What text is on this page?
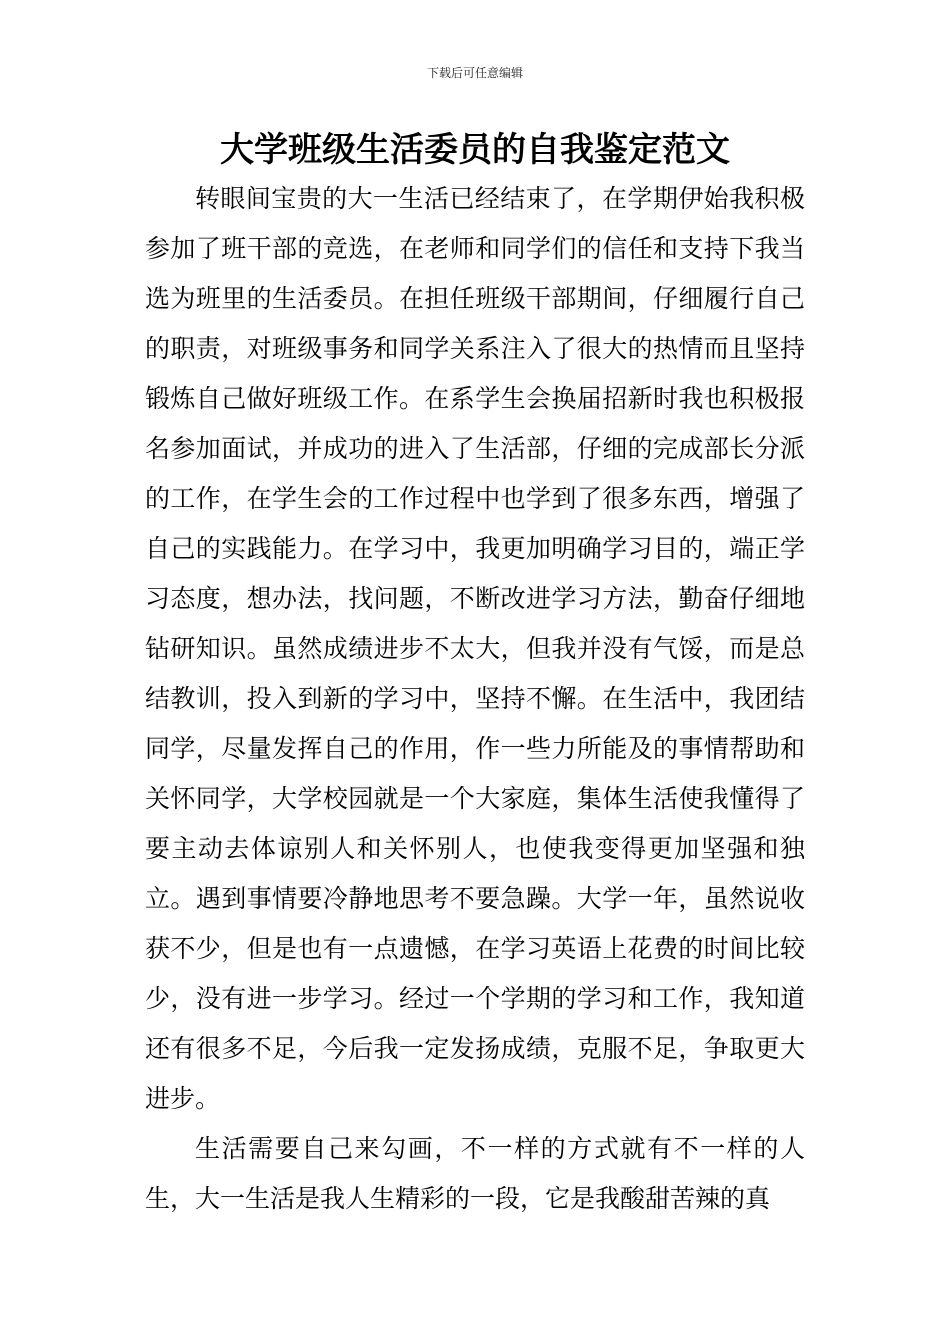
下载后可任意编辑
大学班级生活委员的自我鉴定范文

转眼间宝贵的大一生活已经结束了，在学期伊始我积极参加了班干部的竞选，在老师和同学们的信任和支持下我当选为班里的生活委员。在担任班级干部期间，仔细履行自己的职责，对班级事务和同学关系注入了很大的热情而且坚持锻炼自己做好班级工作。在系学生会换届招新时我也积极报名参加面试，并成功的进入了生活部，仔细的完成部长分派的工作，在学生会的工作过程中也学到了很多东西，增强了自己的实践能力。在学习中，我更加明确学习目的，端正学习态度，想办法，找问题，不断改进学习方法，勤奋仔细地钻研知识。虽然成绩进步不太大，但我并没有气馁，而是总结教训，投入到新的学习中，坚持不懈。在生活中，我团结同学，尽量发挥自己的作用，作一些力所能及的事情帮助和关怀同学，大学校园就是一个大家庭，集体生活使我懂得了要主动去体谅别人和关怀别人，也使我变得更加坚强和独立。遇到事情要冷静地思考不要急躁。大学一年，虽然说收获不少，但是也有一点遗憾，在学习英语上花费的时间比较少，没有进一步学习。经过一个学期的学习和工作，我知道还有很多不足，今后我一定发扬成绩，克服不足，争取更大进步。

生活需要自己来勾画，不一样的方式就有不一样的人生，大一生活是我人生精彩的一段，它是我酸甜苦辣的真
